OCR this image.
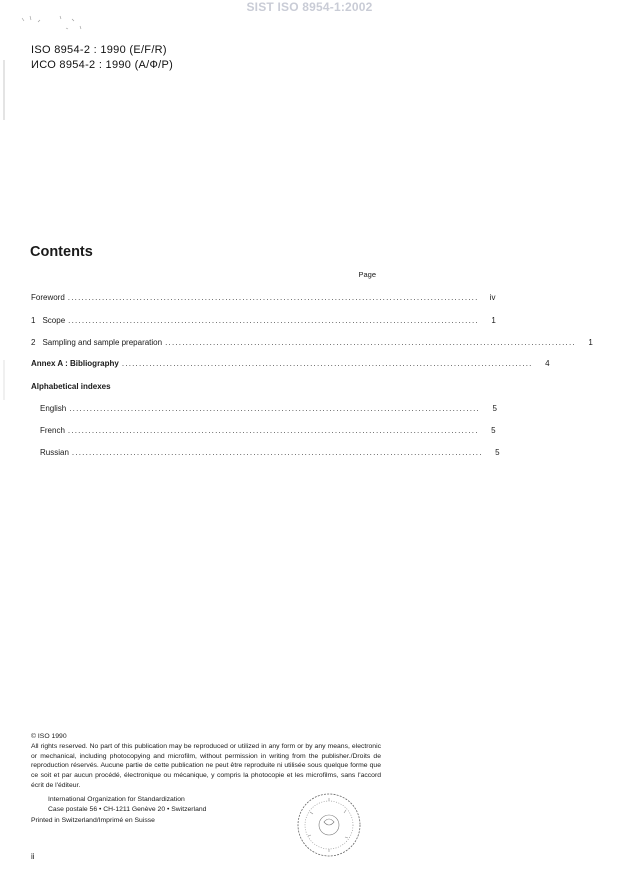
SIST ISO 8954-1:2002
ISO 8954-2 : 1990 (E/F/R)
ИСО 8954-2 : 1990 (А/Ф/Р)
Contents
Page
Foreword ........................................................................................................................	iv
1 Scope ........................................................................................................................	1
2 Sampling and sample preparation ........................................................................................................................	1
Annex A : Bibliography ........................................................................................................................	4
Alphabetical indexes
English ........................................................................................................................	5
French ........................................................................................................................	5
Russian ........................................................................................................................	5
© ISO 1990
All rights reserved. No part of this publication may be reproduced or utilized in any form or by any means, electronic or mechanical, including photocopying and microfilm, without permission in writing from the publisher./Droits de reproduction réservés. Aucune partie de cette publication ne peut être reproduite ni utilisée sous quelque forme que ce soit et par aucun procédé, électronique ou mécanique, y compris la photocopie et les microfilms, sans l'accord écrit de l'éditeur.
International Organization for Standardization
Case postale 56 • CH-1211 Genève 20 • Switzerland
Printed in Switzerland/Imprimé en Suisse
ii
